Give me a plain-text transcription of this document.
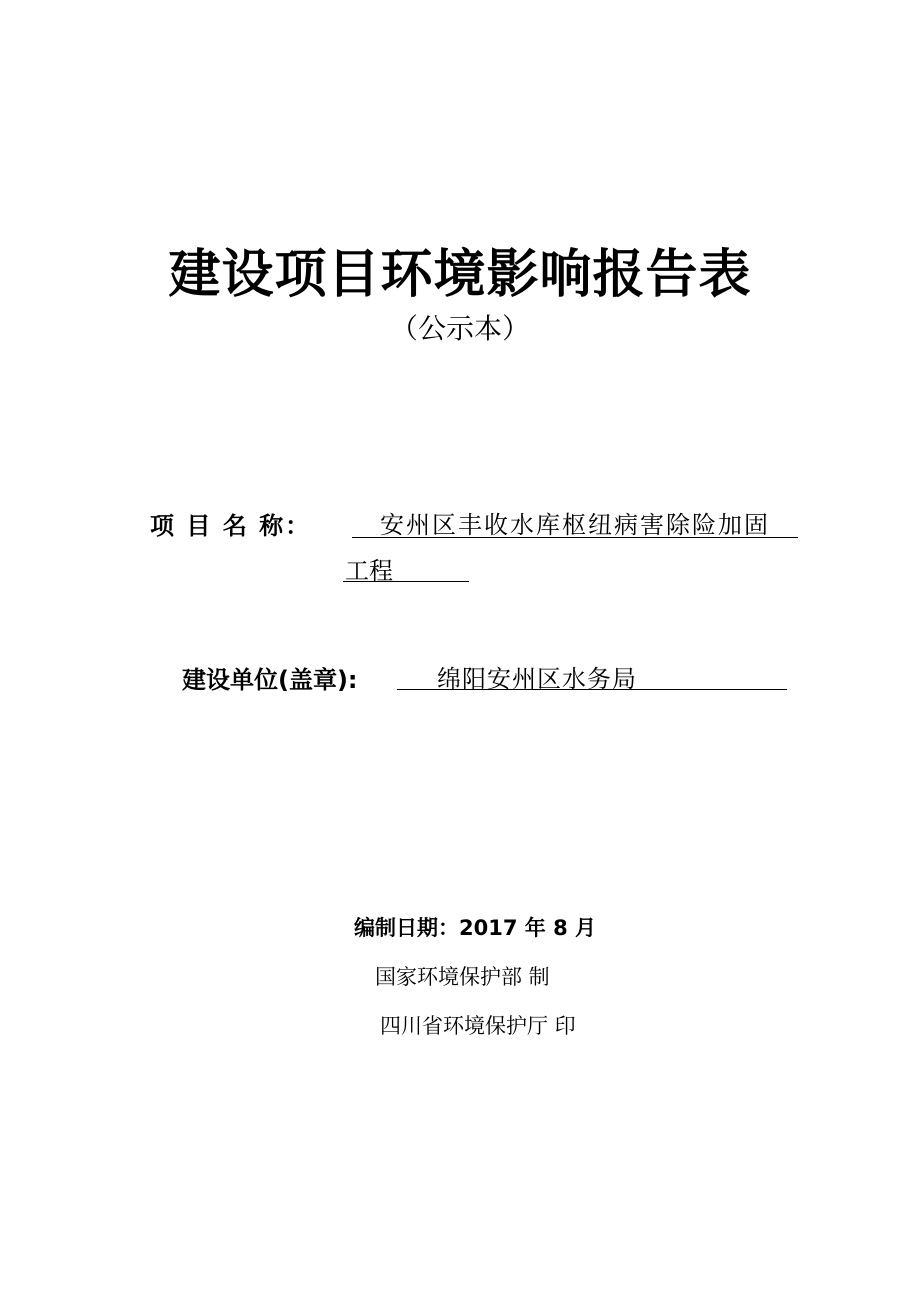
建设项目环境影响报告表
（公示本）
项 目 名 称：	安州区丰收水库枢纽病害除险加固
工程
建设单位(盖章):	绵阳安州区水务局
编制日期：2017 年 8 月
国家环境保护部 制
四川省环境保护厅 印
